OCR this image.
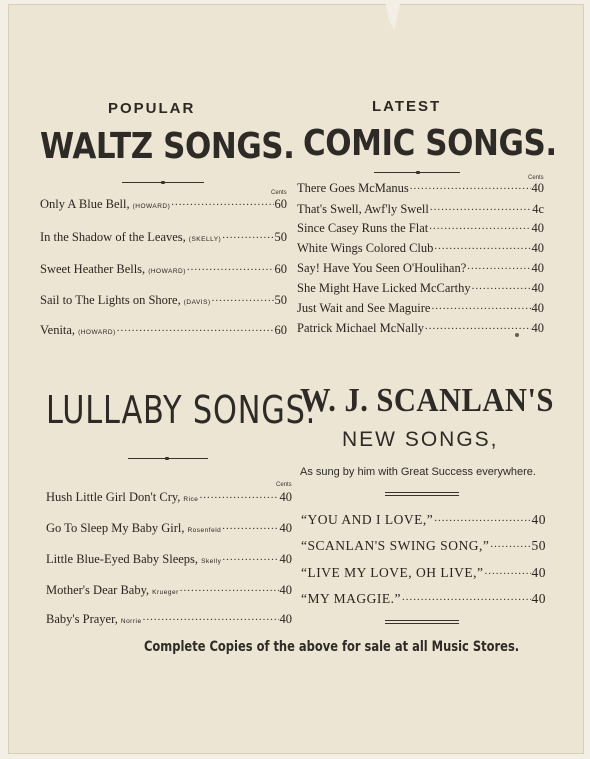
POPULAR
WALTZ SONGS.
Cents
Only A Blue Bell, (HOWARD) .....	60
In the Shadow of the Leaves, (SKELLY) .....	50
Sweet Heather Bells, (HOWARD) .....	60
Sail to The Lights on Shore, (DAVIS) .....	50
Venita, (HOWARD) .....	60
LATEST
COMIC SONGS.
Cents
There Goes McManus .....	40
That's Swell, Awf'ly Swell .....	4c
Since Casey Runs the Flat .....	40
White Wings Colored Club .....	40
Say! Have You Seen O'Houlihan? .....	40
She Might Have Licked McCarthy .....	40
Just Wait and See Maguire .....	40
Patrick Michael McNally .....	40
LULLABY SONGS.
Cents
Hush Little Girl Don't Cry, Rice .....	40
Go To Sleep My Baby Girl, Rosenfeld .....	40
Little Blue-Eyed Baby Sleeps, Skelly .....	40
Mother's Dear Baby, Krueger .....	40
Baby's Prayer, Norrie .....	40
W. J. SCANLAN'S
NEW SONGS,
As sung by him with Great Success everywhere.
“YOU AND I LOVE,” .....	40
“SCANLAN'S SWING SONG,” .....	50
“LIVE MY LOVE, OH LIVE,” .....	40
“MY MAGGIE.” .....	40
Complete Copies of the above for sale at all Music Stores.
